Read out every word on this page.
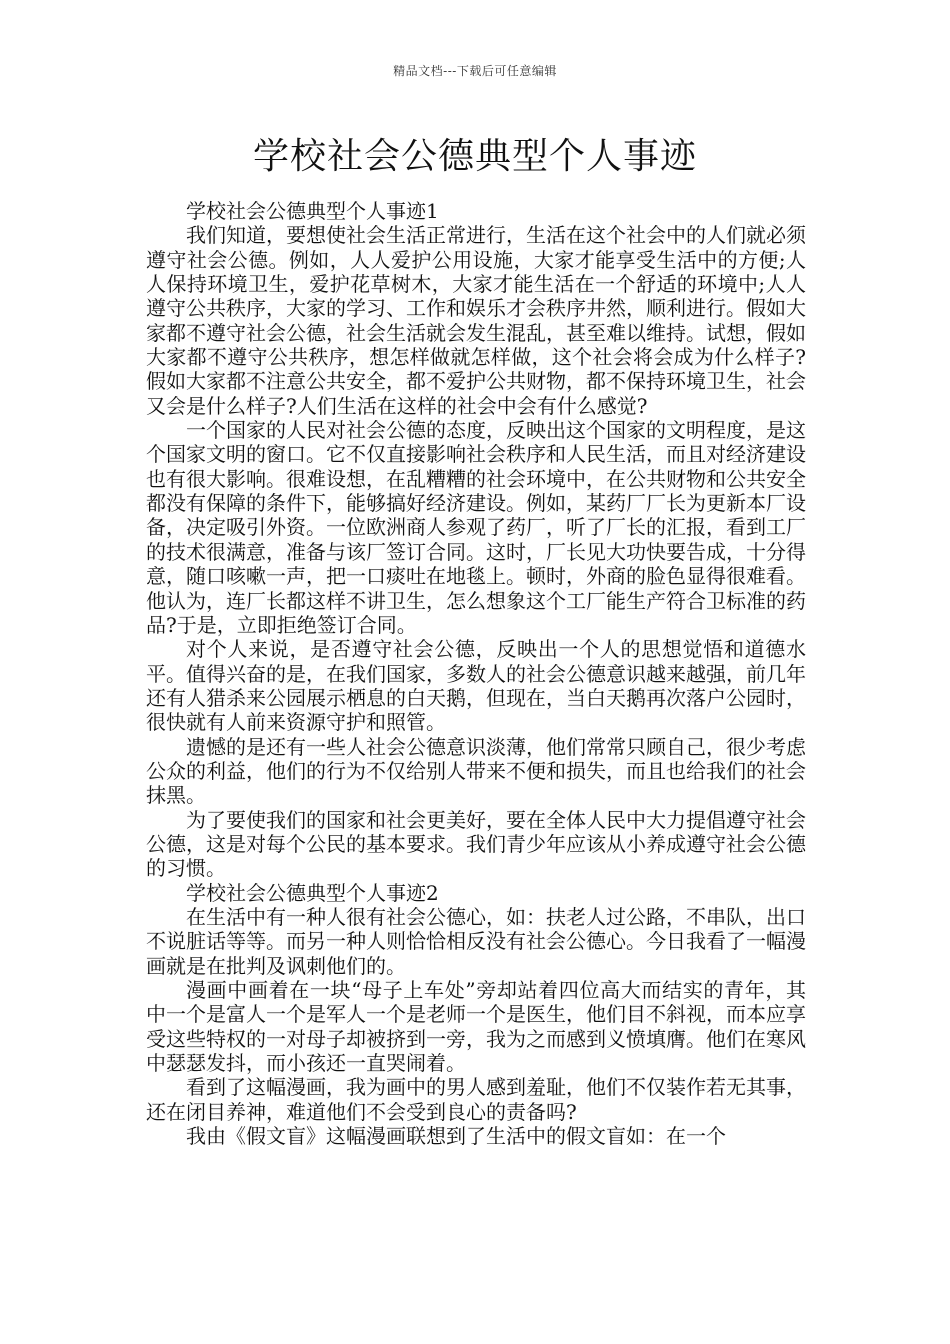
精品文档---下载后可任意编辑
学校社会公德典型个人事迹

学校社会公德典型个人事迹1

我们知道，要想使社会生活正常进行，生活在这个社会中的人们就必须遵守社会公德。例如，人人爱护公用设施，大家才能享受生活中的方便;人人保持环境卫生，爱护花草树木，大家才能生活在一个舒适的环境中;人人遵守公共秩序，大家的学习、工作和娱乐才会秩序井然，顺利进行。假如大家都不遵守社会公德，社会生活就会发生混乱，甚至难以维持。试想，假如大家都不遵守公共秩序，想怎样做就怎样做，这个社会将会成为什么样子?假如大家都不注意公共安全，都不爱护公共财物，都不保持环境卫生，社会又会是什么样子?人们生活在这样的社会中会有什么感觉?

一个国家的人民对社会公德的态度，反映出这个国家的文明程度，是这个国家文明的窗口。它不仅直接影响社会秩序和人民生活，而且对经济建设也有很大影响。很难设想，在乱糟糟的社会环境中，在公共财物和公共安全都没有保障的条件下，能够搞好经济建设。例如，某药厂厂长为更新本厂设备，决定吸引外资。一位欧洲商人参观了药厂，听了厂长的汇报，看到工厂的技术很满意，准备与该厂签订合同。这时，厂长见大功快要告成，十分得意，随口咳嗽一声，把一口痰吐在地毯上。顿时，外商的脸色显得很难看。他认为，连厂长都这样不讲卫生，怎么想象这个工厂能生产符合卫标准的药品?于是，立即拒绝签订合同。

对个人来说，是否遵守社会公德，反映出一个人的思想觉悟和道德水平。值得兴奋的是，在我们国家，多数人的社会公德意识越来越强，前几年还有人猎杀来公园展示栖息的白天鹅，但现在，当白天鹅再次落户公园时，很快就有人前来资源守护和照管。

遗憾的是还有一些人社会公德意识淡薄，他们常常只顾自己，很少考虑公众的利益，他们的行为不仅给别人带来不便和损失，而且也给我们的社会抹黑。

为了要使我们的国家和社会更美好，要在全体人民中大力提倡遵守社会公德，这是对每个公民的基本要求。我们青少年应该从小养成遵守社会公德的习惯。

学校社会公德典型个人事迹2

在生活中有一种人很有社会公德心，如：扶老人过公路，不串队，出口不说脏话等等。而另一种人则恰恰相反没有社会公德心。今日我看了一幅漫画就是在批判及讽刺他们的。

漫画中画着在一块“母子上车处”旁却站着四位高大而结实的青年，其中一个是富人一个是军人一个是老师一个是医生，他们目不斜视，而本应享受这些特权的一对母子却被挤到一旁，我为之而感到义愤填膺。他们在寒风中瑟瑟发抖，而小孩还一直哭闹着。

看到了这幅漫画，我为画中的男人感到羞耻，他们不仅装作若无其事，还在闭目养神，难道他们不会受到良心的责备吗?

我由《假文盲》这幅漫画联想到了生活中的假文盲如：在一个
